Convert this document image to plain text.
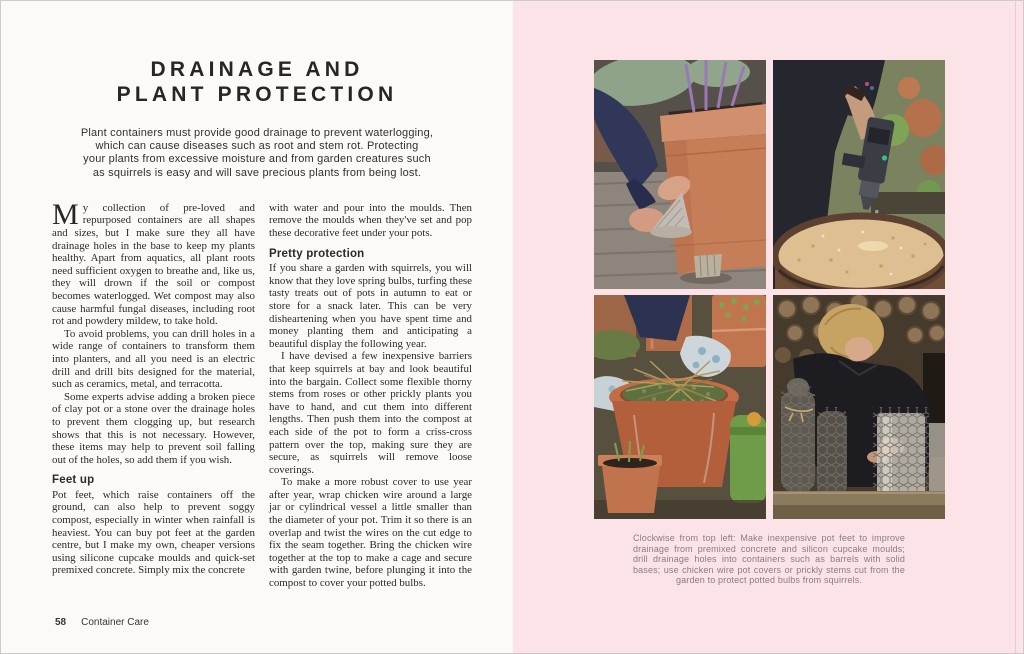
DRAINAGE AND
PLANT PROTECTION
Plant containers must provide good drainage to prevent waterlogging,
which can cause diseases such as root and stem rot. Protecting
your plants from excessive moisture and from garden creatures such
as squirrels is easy and will save precious plants from being lost.

My collection of pre-loved and repurposed containers are all shapes and sizes, but I make sure they all have drainage holes in the base to keep my plants healthy. Apart from aquatics, all plant roots need sufficient oxygen to breathe and, like us, they will drown if the soil or compost becomes waterlogged. Wet compost may also cause harmful fungal diseases, including root rot and powdery mildew, to take hold.

To avoid problems, you can drill holes in a wide range of containers to transform them into planters, and all you need is an electric drill and drill bits designed for the material, such as ceramics, metal, and terracotta.

Some experts advise adding a broken piece of clay pot or a stone over the drainage holes to prevent them clogging up, but research shows that this is not necessary. However, these items may help to prevent soil falling out of the holes, so add them if you wish.

Feet up

Pot feet, which raise containers off the ground, can also help to prevent soggy compost, especially in winter when rainfall is heaviest. You can buy pot feet at the garden centre, but I make my own, cheaper versions using silicone cupcake moulds and quick-set premixed concrete. Simply mix the concrete

with water and pour into the moulds. Then remove the moulds when they've set and pop these decorative feet under your pots.

Pretty protection

If you share a garden with squirrels, you will know that they love spring bulbs, turfing these tasty treats out of pots in autumn to eat or store for a snack later. This can be very disheartening when you have spent time and money planting them and anticipating a beautiful display the following year.

I have devised a few inexpensive barriers that keep squirrels at bay and look beautiful into the bargain. Collect some flexible thorny stems from roses or other prickly plants you have to hand, and cut them into different lengths. Then push them into the compost at each side of the pot to form a criss-cross pattern over the top, making sure they are secure, as squirrels will remove loose coverings.

To make a more robust cover to use year after year, wrap chicken wire around a large jar or cylindrical vessel a little smaller than the diameter of your pot. Trim it so there is an overlap and twist the wires on the cut edge to fix the seam together. Bring the chicken wire together at the top to make a cage and secure with garden twine, before plunging it into the compost to cover your potted bulbs.

58 Container Care
Clockwise from top left: Make inexpensive pot feet to improve
drainage from premixed concrete and silicon cupcake moulds;
drill drainage holes into containers such as barrels with solid
bases; use chicken wire pot covers or prickly stems cut from the
garden to protect potted bulbs from squirrels.
